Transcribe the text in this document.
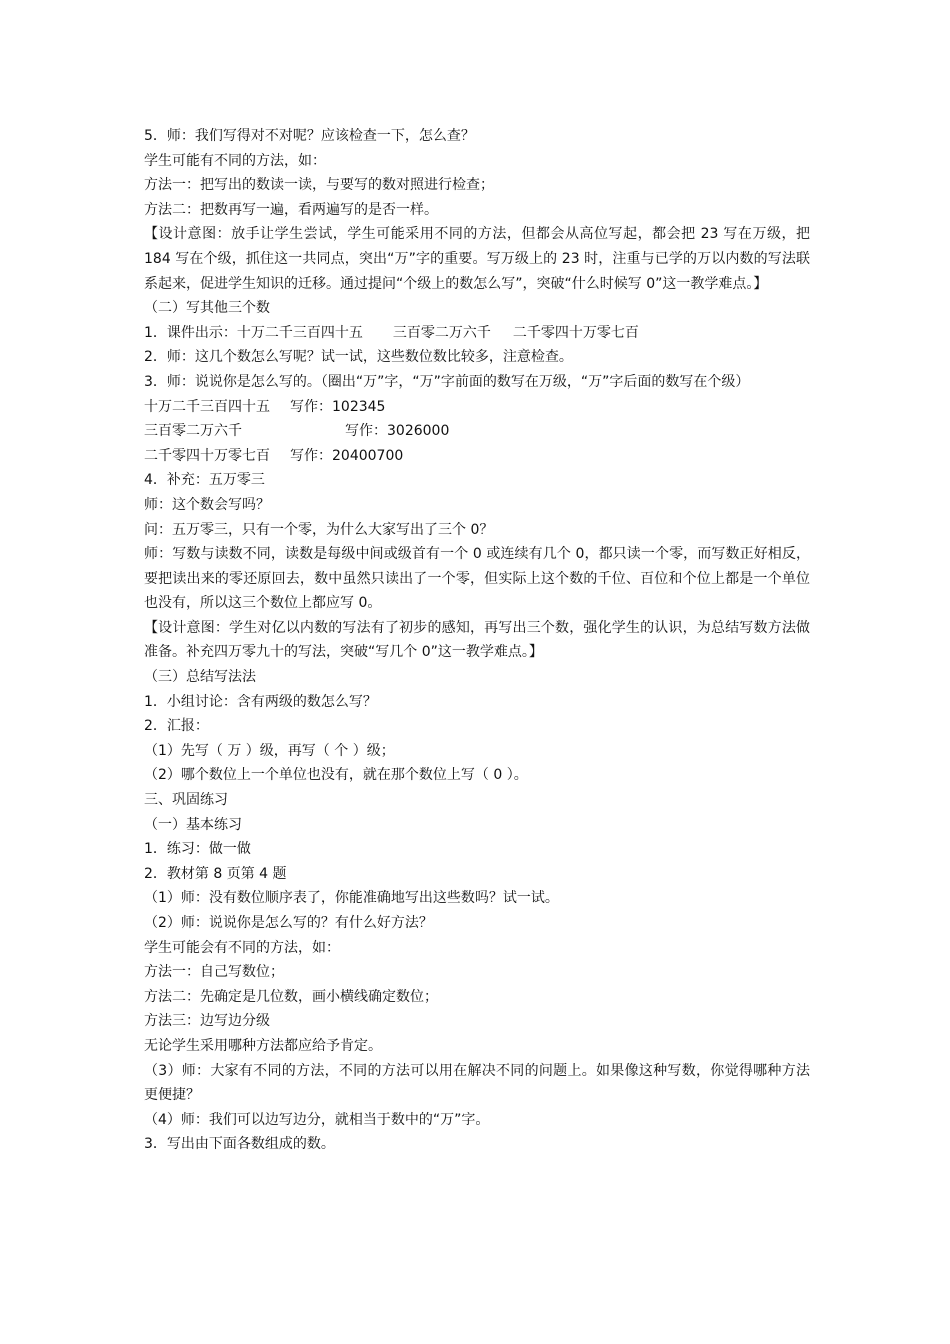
5．师：我们写得对不对呢？应该检查一下，怎么查？
学生可能有不同的方法，如：
方法一：把写出的数读一读，与要写的数对照进行检查；
方法二：把数再写一遍，看两遍写的是否一样。
【设计意图：放手让学生尝试，学生可能采用不同的方法，但都会从高位写起，都会把 23 写在万级，把 184 写在个级，抓住这一共同点，突出“万”字的重要。写万级上的 23 时，注重与已学的万以内数的写法联系起来，促进学生知识的迁移。通过提问“个级上的数怎么写”，突破“什么时候写 0”这一教学难点。】
（二）写其他三个数
1．课件出示：十万二千三百四十五 三百零二万六千 二千零四十万零七百
2．师：这几个数怎么写呢？试一试，这些数位数比较多，注意检查。
3．师：说说你是怎么写的。（圈出“万”字，“万”字前面的数写在万级，“万”字后面的数写在个级）
十万二千三百四十五 写作：102345
三百零二万六千	写作：3026000
二千零四十万零七百 写作：20400700
4．补充：五万零三
师：这个数会写吗？
问：五万零三，只有一个零，为什么大家写出了三个 0？
师：写数与读数不同，读数是每级中间或级首有一个 0 或连续有几个 0，都只读一个零，而写数正好相反，要把读出来的零还原回去，数中虽然只读出了一个零，但实际上这个数的千位、百位和个位上都是一个单位也没有，所以这三个数位上都应写 0。
【设计意图：学生对亿以内数的写法有了初步的感知，再写出三个数，强化学生的认识，为总结写数方法做准备。补充四万零九十的写法，突破“写几个 0”这一教学难点。】
（三）总结写法法
1．小组讨论：含有两级的数怎么写？
2．汇报：
（1）先写（ 万 ）级，再写（ 个 ）级；
（2）哪个数位上一个单位也没有，就在那个数位上写（ 0 ）。
三、巩固练习
（一）基本练习
1．练习：做一做
2．教材第 8 页第 4 题
（1）师：没有数位顺序表了，你能准确地写出这些数吗？试一试。
（2）师：说说你是怎么写的？有什么好方法？
学生可能会有不同的方法，如：
方法一：自己写数位；
方法二：先确定是几位数，画小横线确定数位；
方法三：边写边分级
无论学生采用哪种方法都应给予肯定。
（3）师：大家有不同的方法，不同的方法可以用在解决不同的问题上。如果像这种写数，你觉得哪种方法更便捷？
（4）师：我们可以边写边分，就相当于数中的“万”字。
3．写出由下面各数组成的数。
